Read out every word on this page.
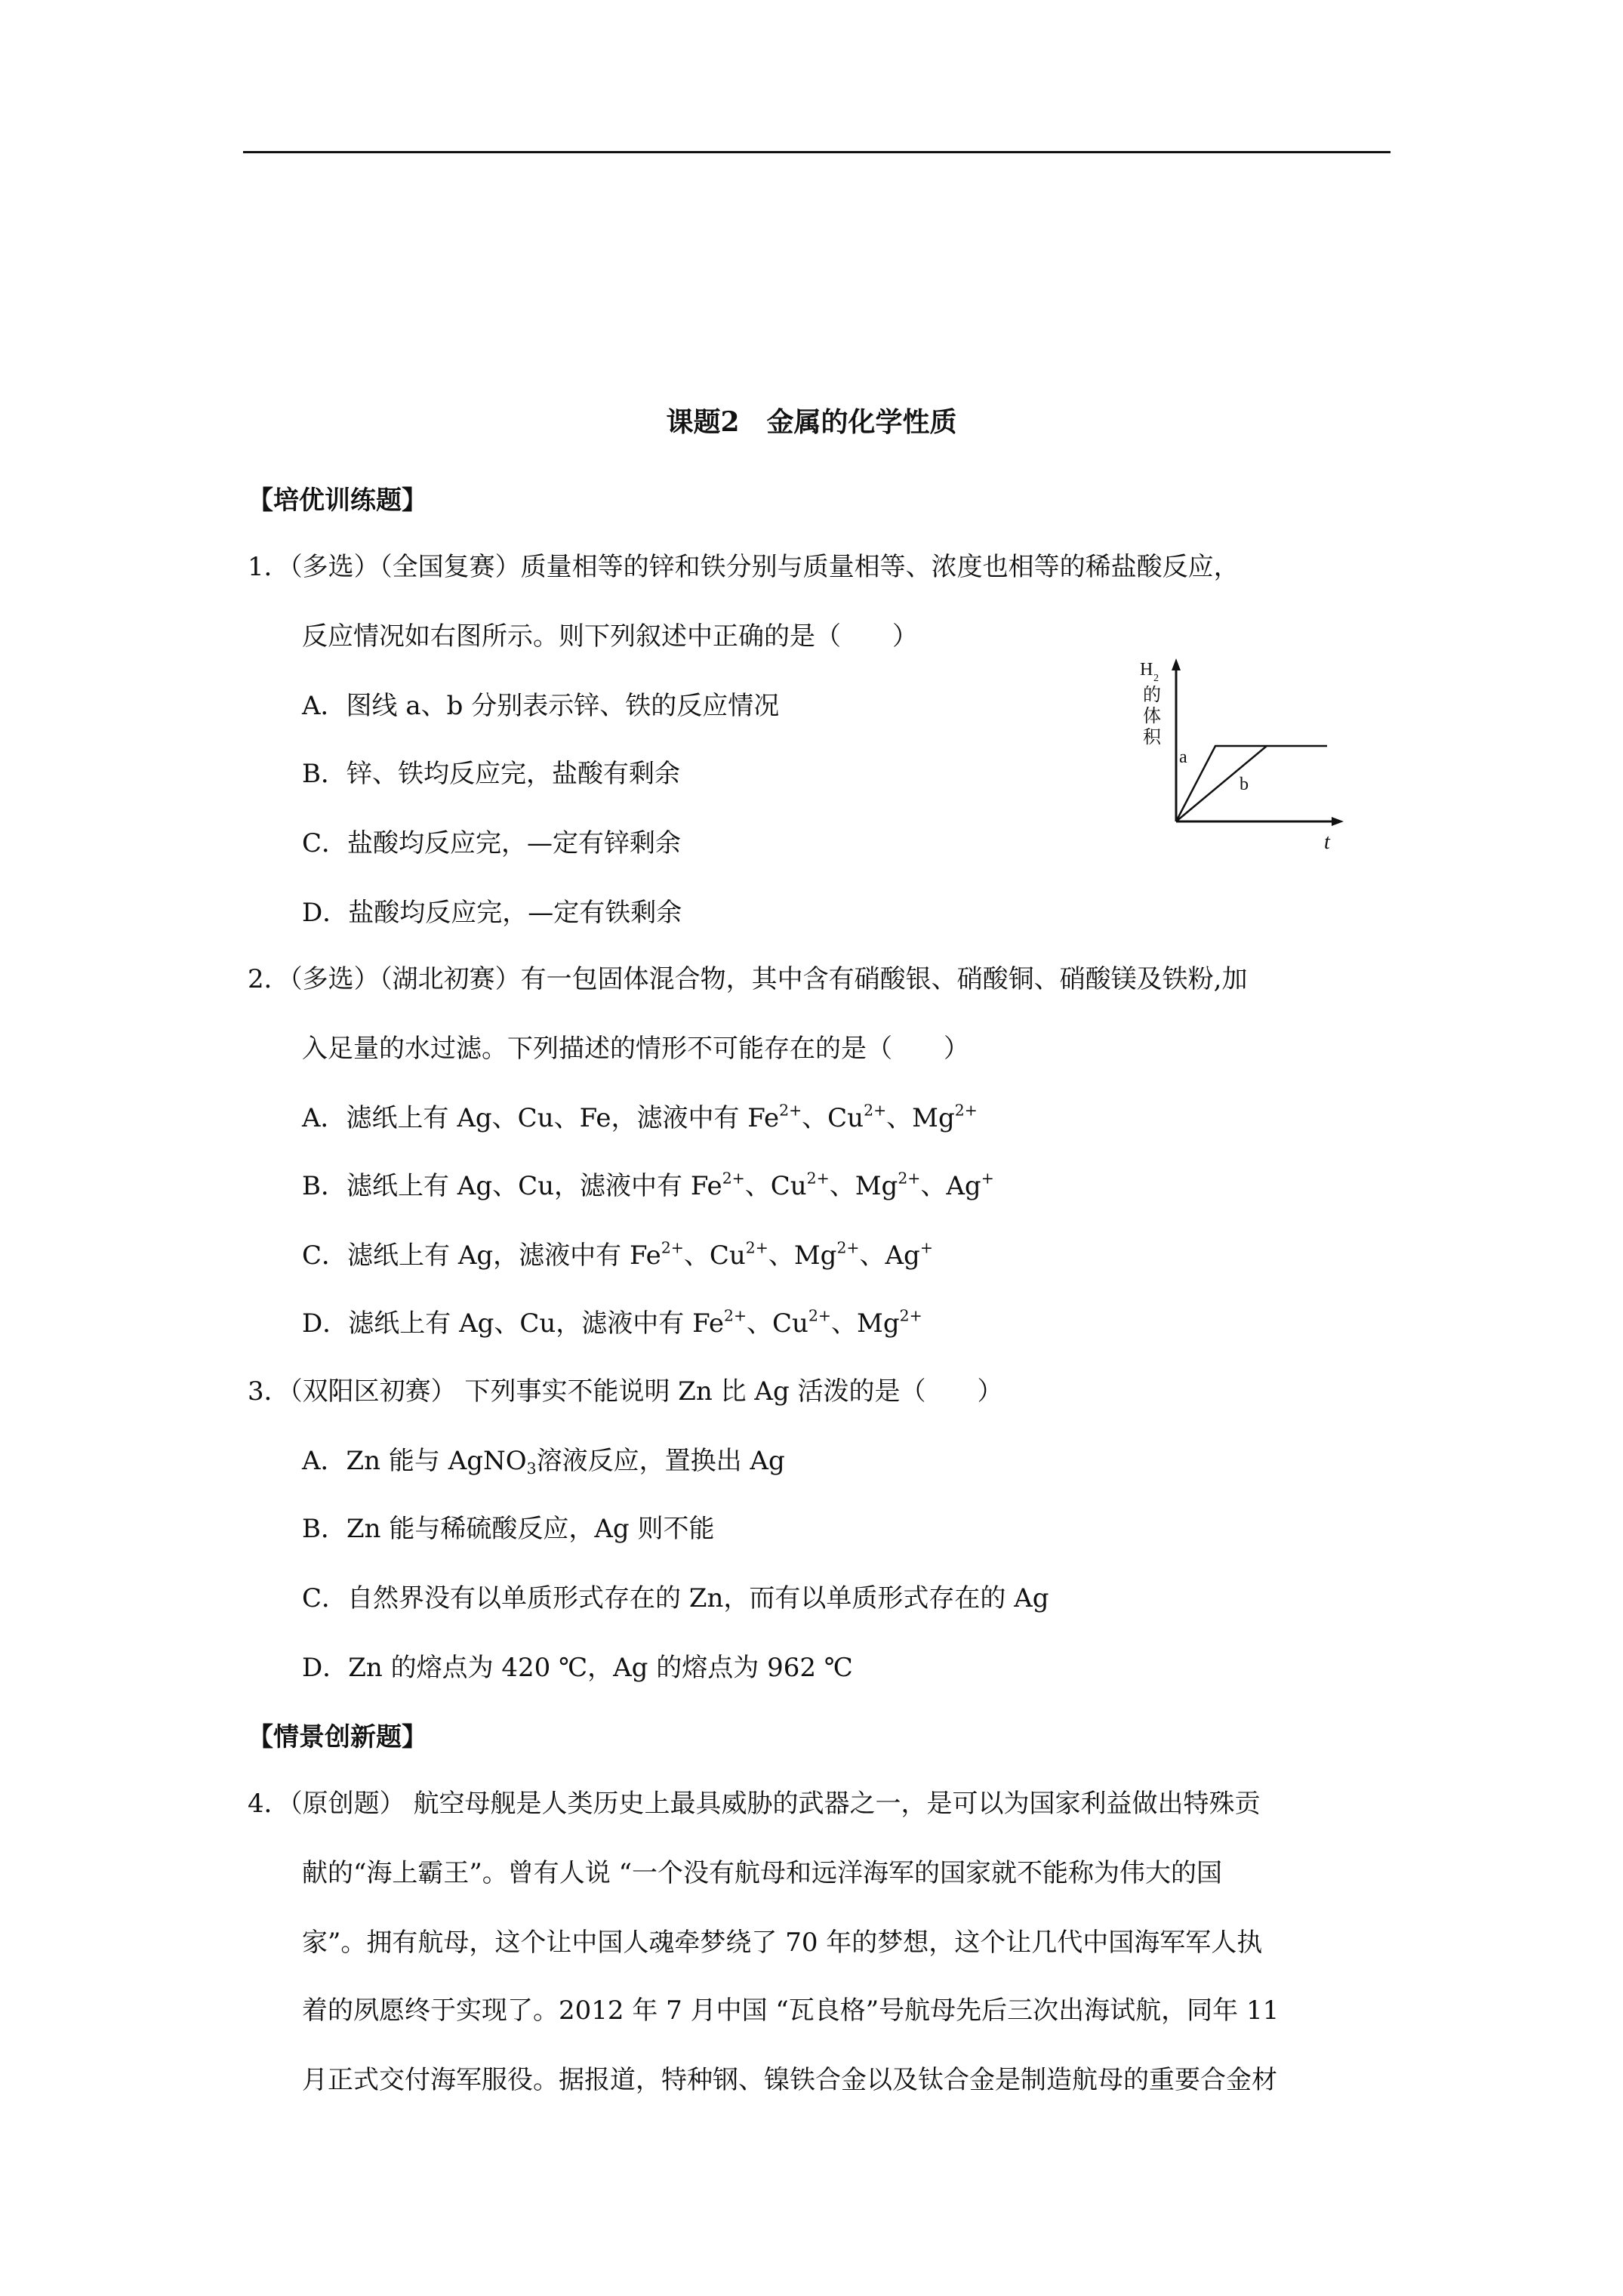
课题2　金属的化学性质
【培优训练题】
1．（多选）（全国复赛）质量相等的锌和铁分别与质量相等、浓度也相等的稀盐酸反应，
反应情况如右图所示。则下列叙述中正确的是（　　）
A．图线 a、b 分别表示锌、铁的反应情况
B．锌、铁均反应完，盐酸有剩余
C．盐酸均反应完，—定有锌剩余
D．盐酸均反应完，—定有铁剩余
H 2
的
体
积
t
a
b
2．（多选）（湖北初赛）有一包固体混合物，其中含有硝酸银、硝酸铜、硝酸镁及铁粉,加
入足量的水过滤。下列描述的情形不可能存在的是（　　）
A．滤纸上有 Ag、Cu、Fe，滤液中有 $Fe^{2+}$、$Cu^{2+}$、$Mg^{2+}$
B．滤纸上有 Ag、Cu，滤液中有 $Fe^{2+}$、$Cu^{2+}$、$Mg^{2+}$、Ag+
C．滤纸上有 Ag，滤液中有 $Fe^{2+}$、$Cu^{2+}$、$Mg^{2+}$、Ag+
D．滤纸上有 Ag、Cu，滤液中有 $Fe^{2+}$、$Cu^{2+}$、$Mg^{2+}$
3．（双阳区初赛） 下列事实不能说明 Zn 比 Ag 活泼的是（　　）
A．Zn 能与 AgNO$_3$溶液反应，置换出 Ag
B．Zn 能与稀硫酸反应，Ag 则不能
C．自然界没有以单质形式存在的 Zn，而有以单质形式存在的 Ag
D．Zn 的熔点为 420 ℃，Ag 的熔点为 962 ℃
【情景创新题】
4．（原创题） 航空母舰是人类历史上最具威胁的武器之一，是可以为国家利益做出特殊贡
献的“海上霸王”。曾有人说 “一个没有航母和远洋海军的国家就不能称为伟大的国
家”。拥有航母，这个让中国人魂牵梦绕了 70 年的梦想，这个让几代中国海军军人执
着的夙愿终于实现了。2012 年 7 月中国 “瓦良格”号航母先后三次出海试航，同年 11
月正式交付海军服役。据报道，特种钢、镍铁合金以及钛合金是制造航母的重要合金材
